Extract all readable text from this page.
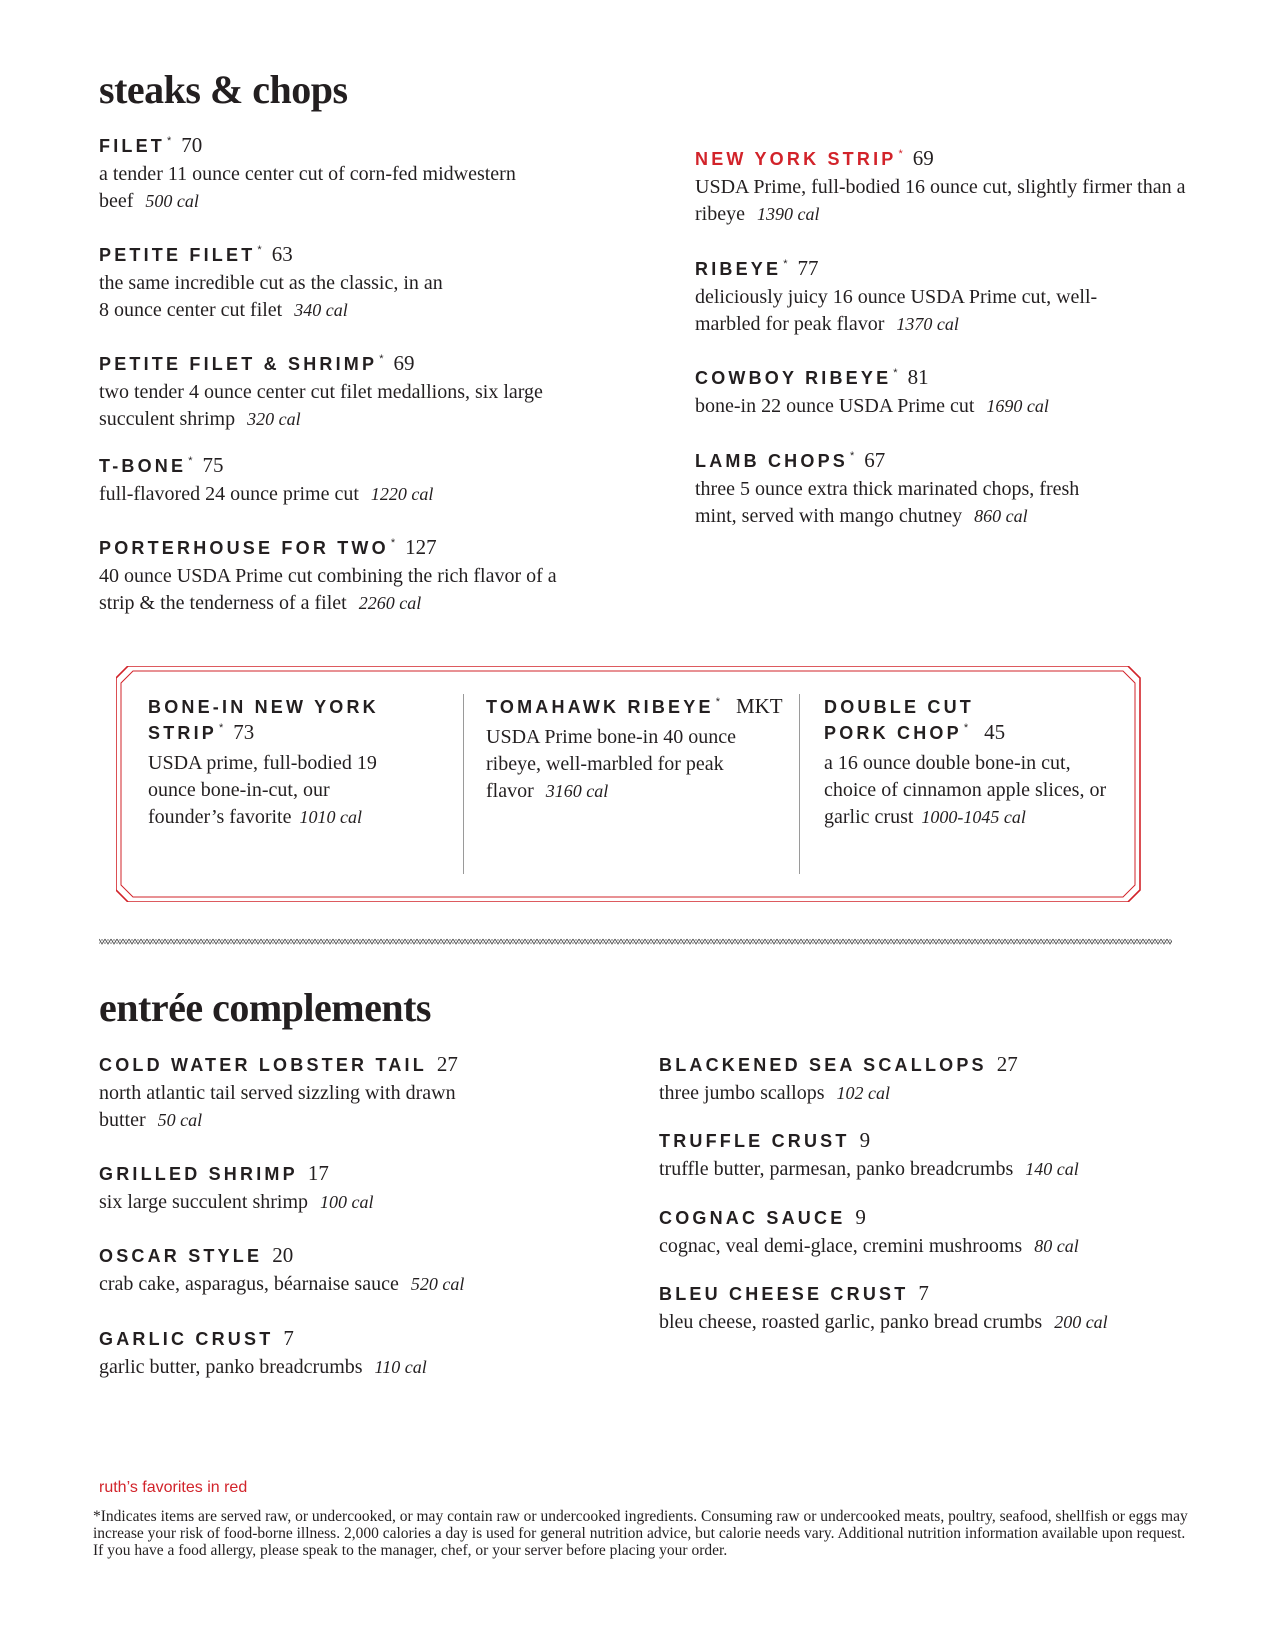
steaks & chops
FILET * 70
a tender 11 ounce center cut of corn-fed midwestern beef 500 cal
PETITE FILET * 63
the same incredible cut as the classic, in an 8 ounce center cut filet 340 cal
PETITE FILET & SHRIMP * 69
two tender 4 ounce center cut filet medallions, six large succulent shrimp 320 cal
T-BONE * 75
full-flavored 24 ounce prime cut 1220 cal
PORTERHOUSE FOR TWO * 127
40 ounce USDA Prime cut combining the rich flavor of a strip & the tenderness of a filet 2260 cal
NEW YORK STRIP * 69
USDA Prime, full-bodied 16 ounce cut, slightly firmer than a ribeye 1390 cal
RIBEYE * 77
deliciously juicy 16 ounce USDA Prime cut, well-marbled for peak flavor 1370 cal
COWBOY RIBEYE * 81
bone-in 22 ounce USDA Prime cut 1690 cal
LAMB CHOPS * 67
three 5 ounce extra thick marinated chops, fresh mint, served with mango chutney 860 cal
BONE-IN NEW YORK
STRIP * 73
USDA prime, full-bodied 19 ounce bone-in-cut, our founder’s favorite 1010 cal
TOMAHAWK RIBEYE * MKT
USDA Prime bone-in 40 ounce ribeye, well-marbled for peak flavor 3160 cal
DOUBLE CUT
PORK CHOP * 45
a 16 ounce double bone-in cut, choice of cinnamon apple slices, or garlic crust 1000-1045 cal
entrée complements
COLD WATER LOBSTER TAIL 27
north atlantic tail served sizzling with drawn butter 50 cal
GRILLED SHRIMP 17
six large succulent shrimp 100 cal
OSCAR STYLE 20
crab cake, asparagus, béarnaise sauce 520 cal
GARLIC CRUST 7
garlic butter, panko breadcrumbs 110 cal
BLACKENED SEA SCALLOPS 27
three jumbo scallops 102 cal
TRUFFLE CRUST 9
truffle butter, parmesan, panko breadcrumbs 140 cal
COGNAC SAUCE 9
cognac, veal demi-glace, cremini mushrooms 80 cal
BLEU CHEESE CRUST 7
bleu cheese, roasted garlic, panko bread crumbs 200 cal
ruth’s favorites in red
*Indicates items are served raw, or undercooked, or may contain raw or undercooked ingredients. Consuming raw or undercooked meats, poultry, seafood, shellfish or eggs may increase your risk of food-borne illness. 2,000 calories a day is used for general nutrition advice, but calorie needs vary. Additional nutrition information available upon request. If you have a food allergy, please speak to the manager, chef, or your server before placing your order.
